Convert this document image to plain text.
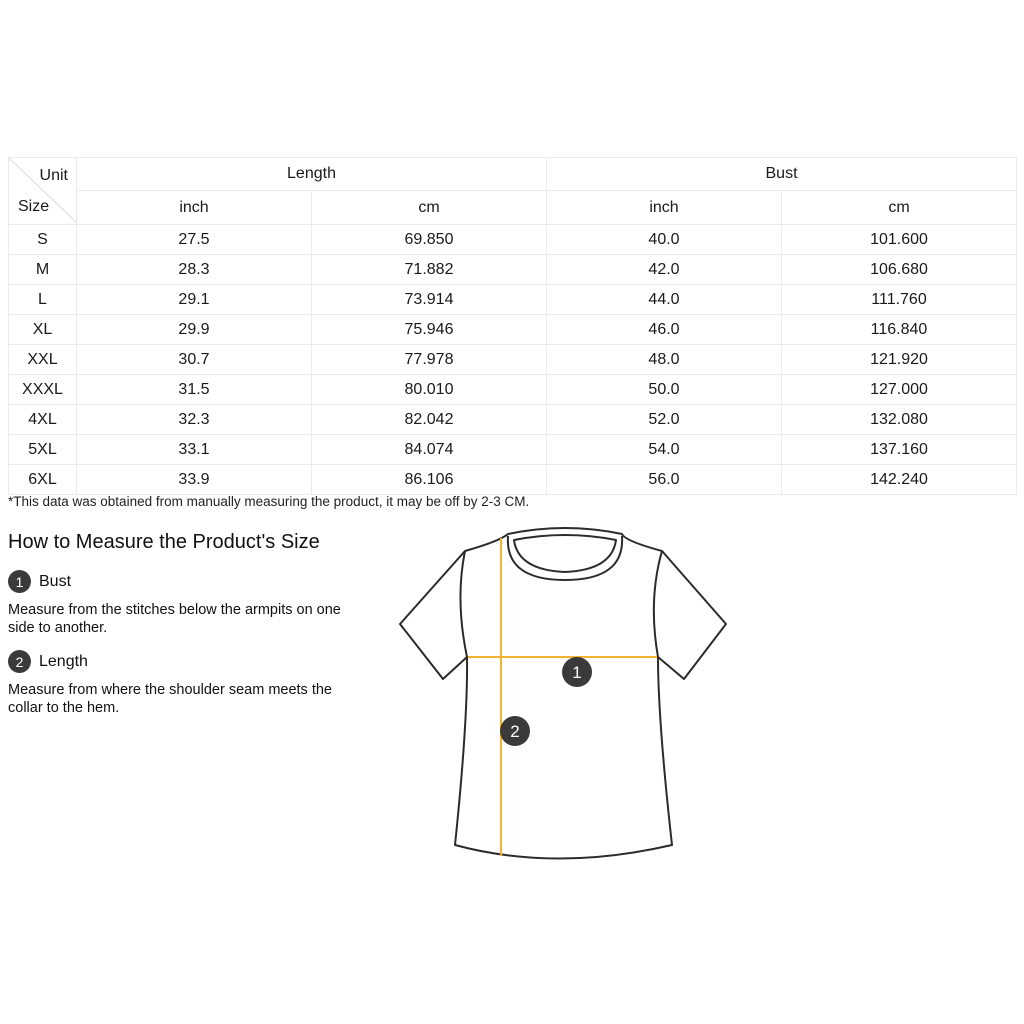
Unit
Size	Length		Bust	
	inch	cm	inch	cm
S	27.5	69.850	40.0	101.600
M	28.3	71.882	42.0	106.680
L	29.1	73.914	44.0	111.760
XL	29.9	75.946	46.0	116.840
XXL	30.7	77.978	48.0	121.920
XXXL	31.5	80.010	50.0	127.000
4XL	32.3	82.042	52.0	132.080
5XL	33.1	84.074	54.0	137.160
6XL	33.9	86.106	56.0	142.240
*This data was obtained from manually measuring the product, it may be off by 2-3 CM.
How to Measure the Product's Size
1 Bust
Measure from the stitches below the armpits on one side to another.
2 Length
Measure from where the shoulder seam meets the collar to the hem.
1
2
